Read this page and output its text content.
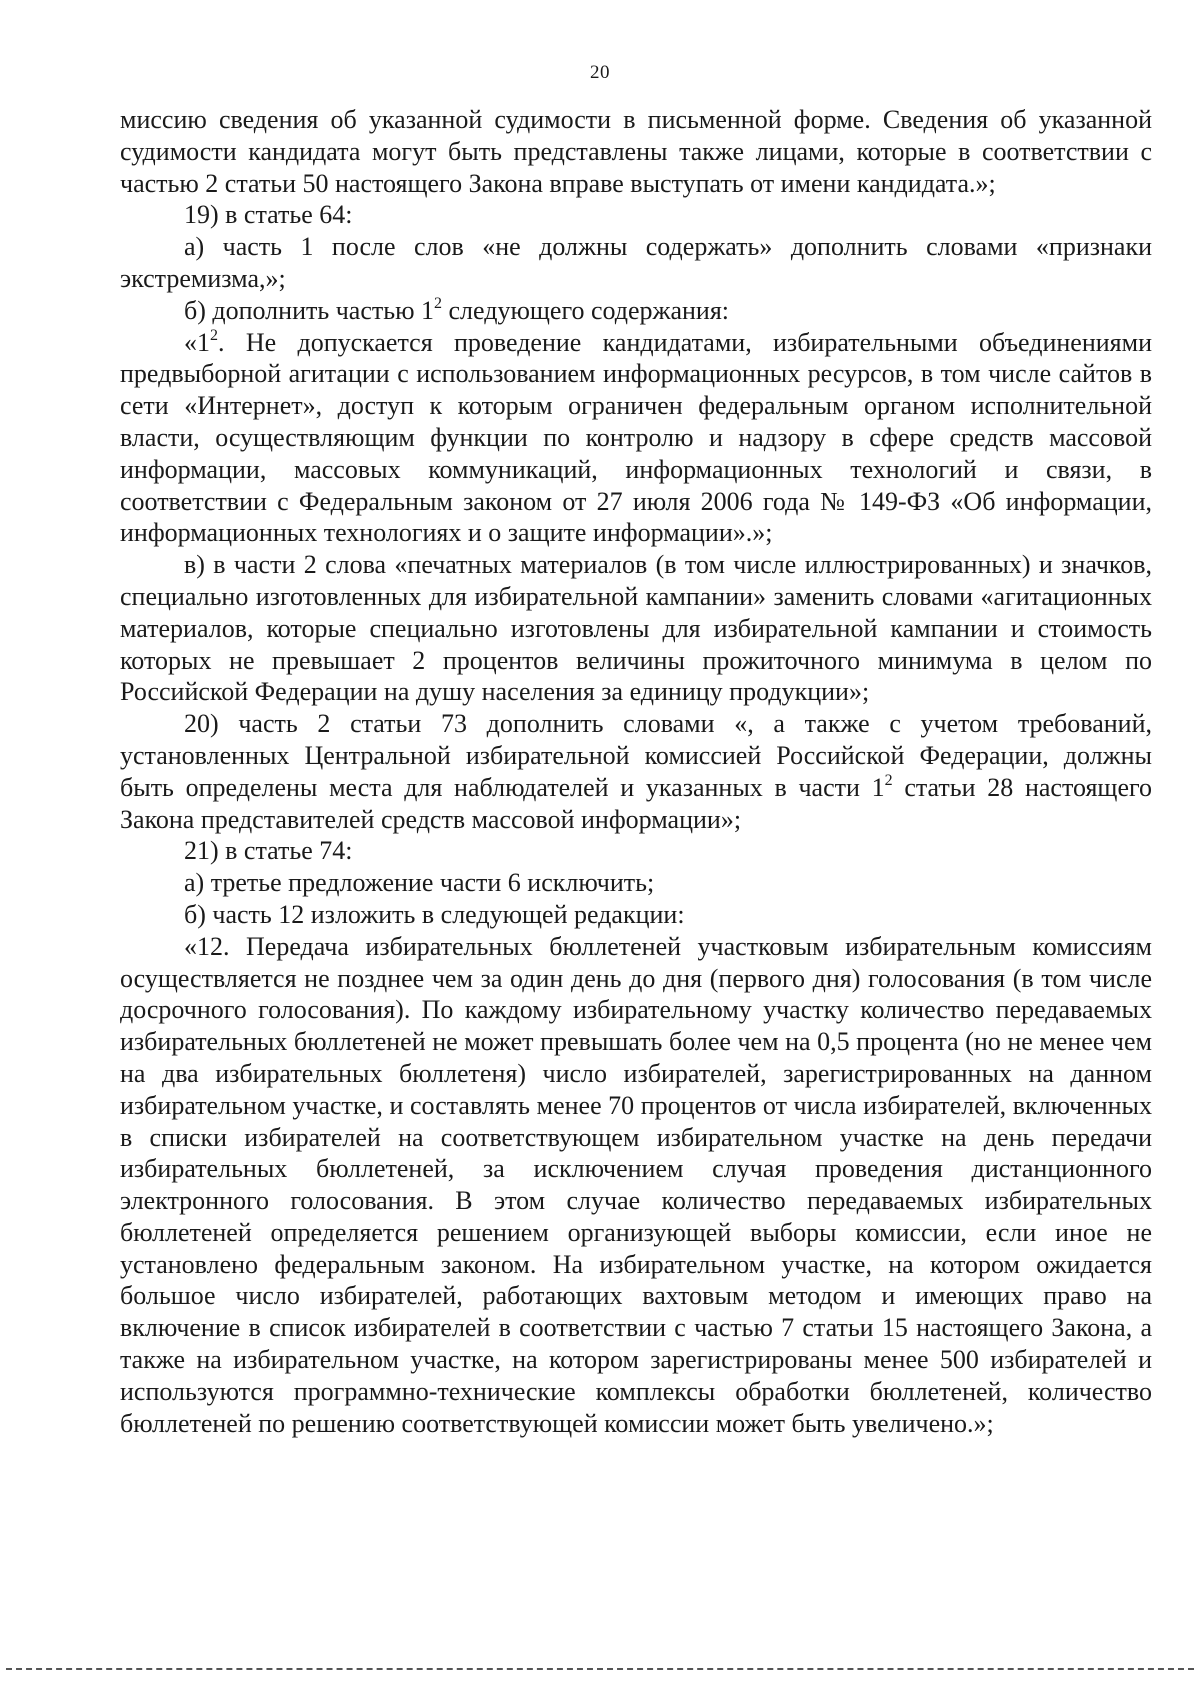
20

миссию сведения об указанной судимости в письменной форме. Сведения об указанной судимости кандидата могут быть представлены также лицами, которые в соответствии с частью 2 статьи 50 настоящего Закона вправе выступать от имени кандидата.»;

19) в статье 64:

а) часть 1 после слов «не должны содержать» дополнить словами «признаки экстремизма,»;

б) дополнить частью $1^2$ следующего содержания:

«$1^2$. Не допускается проведение кандидатами, избирательными объединениями предвыборной агитации с использованием информационных ресурсов, в том числе сайтов в сети «Интернет», доступ к которым ограничен федеральным органом исполнительной власти, осуществляющим функции по контролю и надзору в сфере средств массовой информации, массовых коммуникаций, информационных технологий и связи, в соответствии с Федеральным законом от 27 июля 2006 года № 149-ФЗ «Об информации, информационных технологиях и о защите информации».»;

в) в части 2 слова «печатных материалов (в том числе иллюстрированных) и значков, специально изготовленных для избирательной кампании» заменить словами «агитационных материалов, которые специально изготовлены для избирательной кампании и стоимость которых не превышает 2 процентов величины прожиточного минимума в целом по Российской Федерации на душу населения за единицу продукции»;

20) часть 2 статьи 73 дополнить словами «, а также с учетом требований, установленных Центральной избирательной комиссией Российской Федерации, должны быть определены места для наблюдателей и указанных в части $1^2$ статьи 28 настоящего Закона представителей средств массовой информации»;

21) в статье 74:

а) третье предложение части 6 исключить;

б) часть 12 изложить в следующей редакции:

«12. Передача избирательных бюллетеней участковым избирательным комиссиям осуществляется не позднее чем за один день до дня (первого дня) голосования (в том числе досрочного голосования). По каждому избирательному участку количество передаваемых избирательных бюллетеней не может превышать более чем на 0,5 процента (но не менее чем на два избирательных бюллетеня) число избирателей, зарегистрированных на данном избирательном участке, и составлять менее 70 процентов от числа избирателей, включенных в списки избирателей на соответствующем избирательном участке на день передачи избирательных бюллетеней, за исключением случая проведения дистанционного электронного голосования. В этом случае количество передаваемых избирательных бюллетеней определяется решением организующей выборы комиссии, если иное не установлено федеральным законом. На избирательном участке, на котором ожидается большое число избирателей, работающих вахтовым методом и имеющих право на включение в список избирателей в соответствии с частью 7 статьи 15 настоящего Закона, а также на избирательном участке, на котором зарегистрированы менее 500 избирателей и используются программно-технические комплексы обработки бюллетеней, количество бюллетеней по решению соответствующей комиссии может быть увеличено.»;
